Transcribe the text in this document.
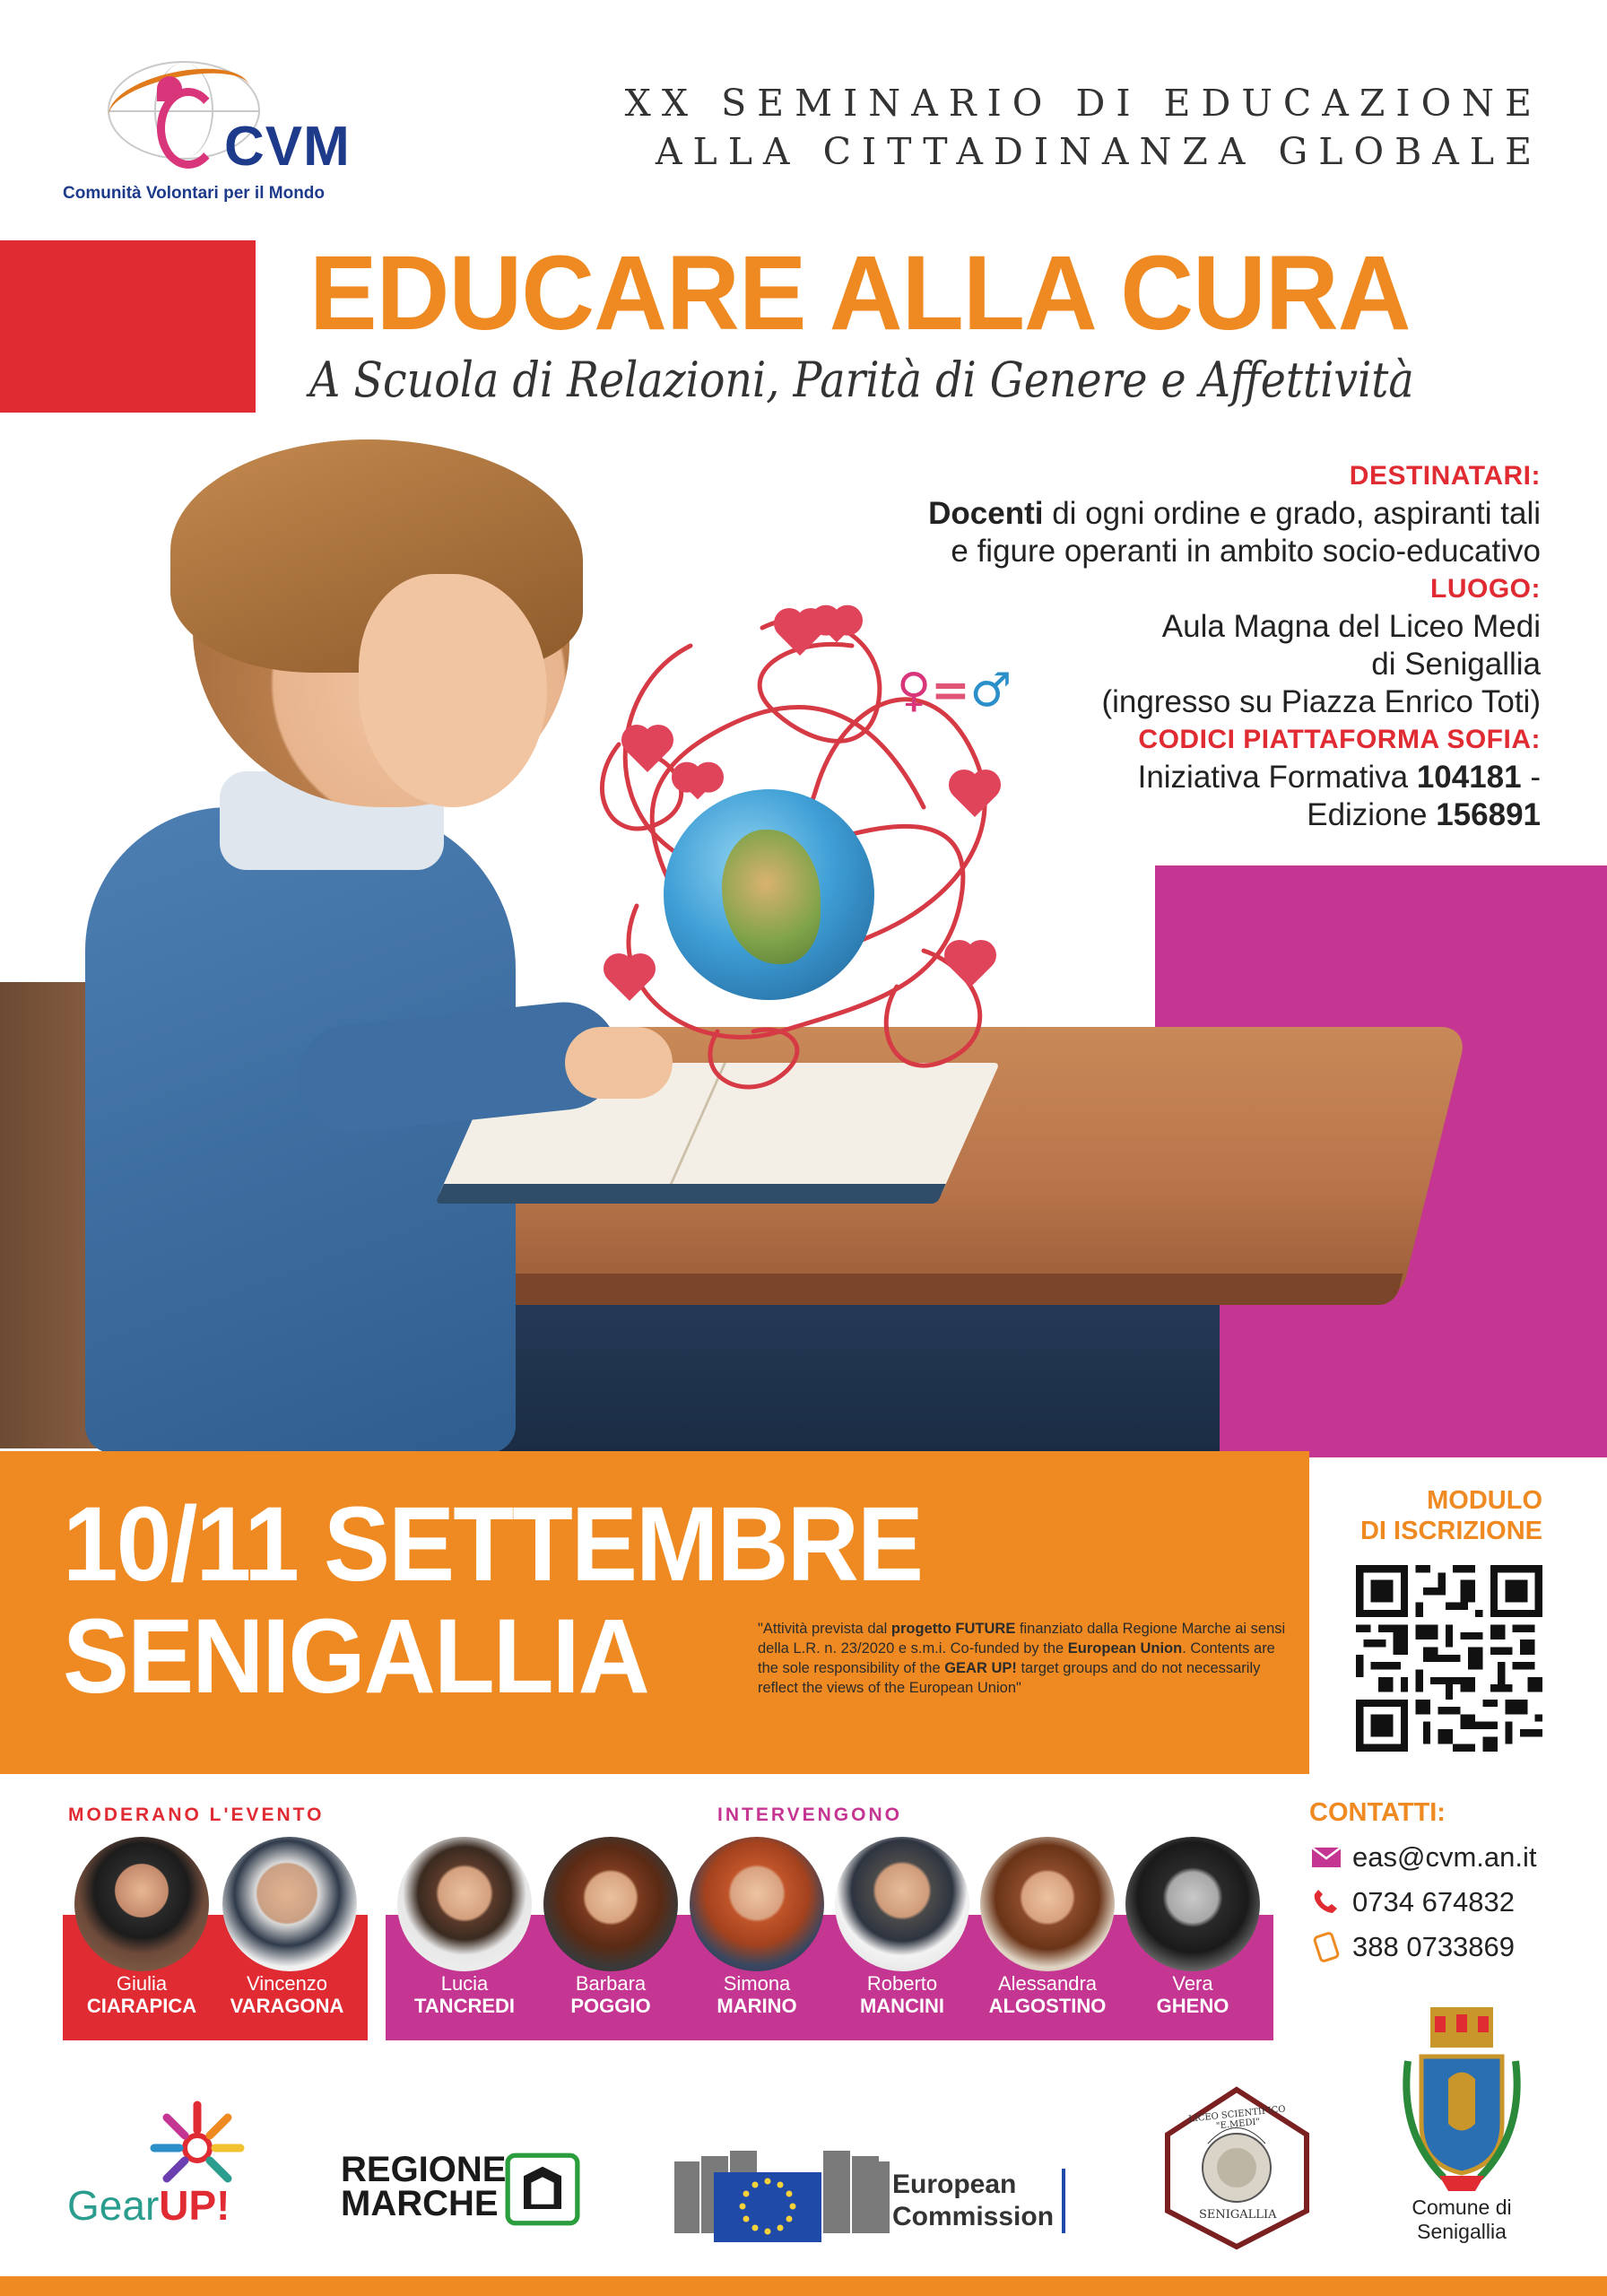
CVM
Comunità Volontari per il Mondo
XX SEMINARIO DI EDUCAZIONE
ALLA CITTADINANZA GLOBALE
EDUCARE ALLA CURA
A Scuola di Relazioni, Parità di Genere e Affettività
♀=♂
DESTINATARI:
Docenti di ogni ordine e grado, aspiranti tali
e figure operanti in ambito socio-educativo
LUOGO:
Aula Magna del Liceo Medi
di Senigallia
(ingresso su Piazza Enrico Toti)
CODICI PIATTAFORMA SOFIA:
Iniziativa Formativa 104181 -
Edizione 156891
10/11 SETTEMBRE
SENIGALLIA	"Attività prevista dal progetto FUTURE finanziato dalla Regione Marche ai sensi della L.R. n. 23/2020 e s.m.i. Co-funded by the European Union. Contents are the sole responsibility of the GEAR UP! target groups and do not necessarily reflect the views of the European Union"
MODULO
DI ISCRIZIONE
MODERANO L'EVENTO	INTERVENGONO
Giulia
CIARAPICA
Vincenzo
VARAGONA
Lucia
TANCREDI
Barbara
POGGIO
Simona
MARINO
Roberto
MANCINI
Alessandra
ALGOSTINO
Vera
GHENO
CONTATTI:
eas@cvm.an.it
0734 674832
388 0733869
GearUP!
REGIONE
MARCHE	European
Commission	SENIGALLIA
LICEO SCIENTIFICO "E.MEDI"
Comune di
Senigallia
